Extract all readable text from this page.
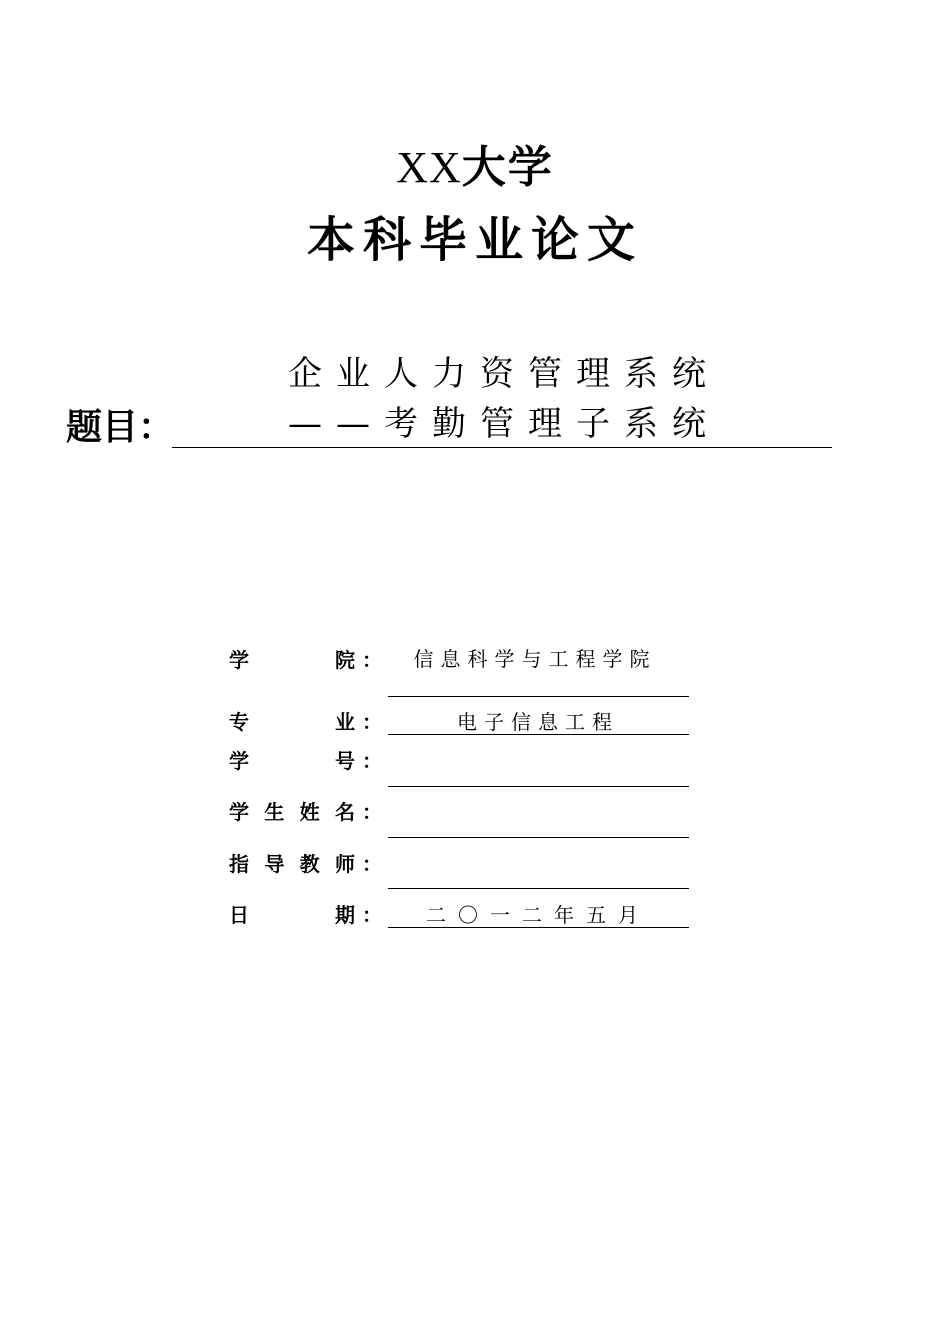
XX大学
本科毕业论文
题目：
企业人力资管理系统
——考勤管理子系统
学	院 ：	信息科学与工程学院
专	业 ：	电子信息工程
学	号 ：
学 生 姓 名 ：
指 导 教 师 ：
日	期 ：	二〇一二年五月
